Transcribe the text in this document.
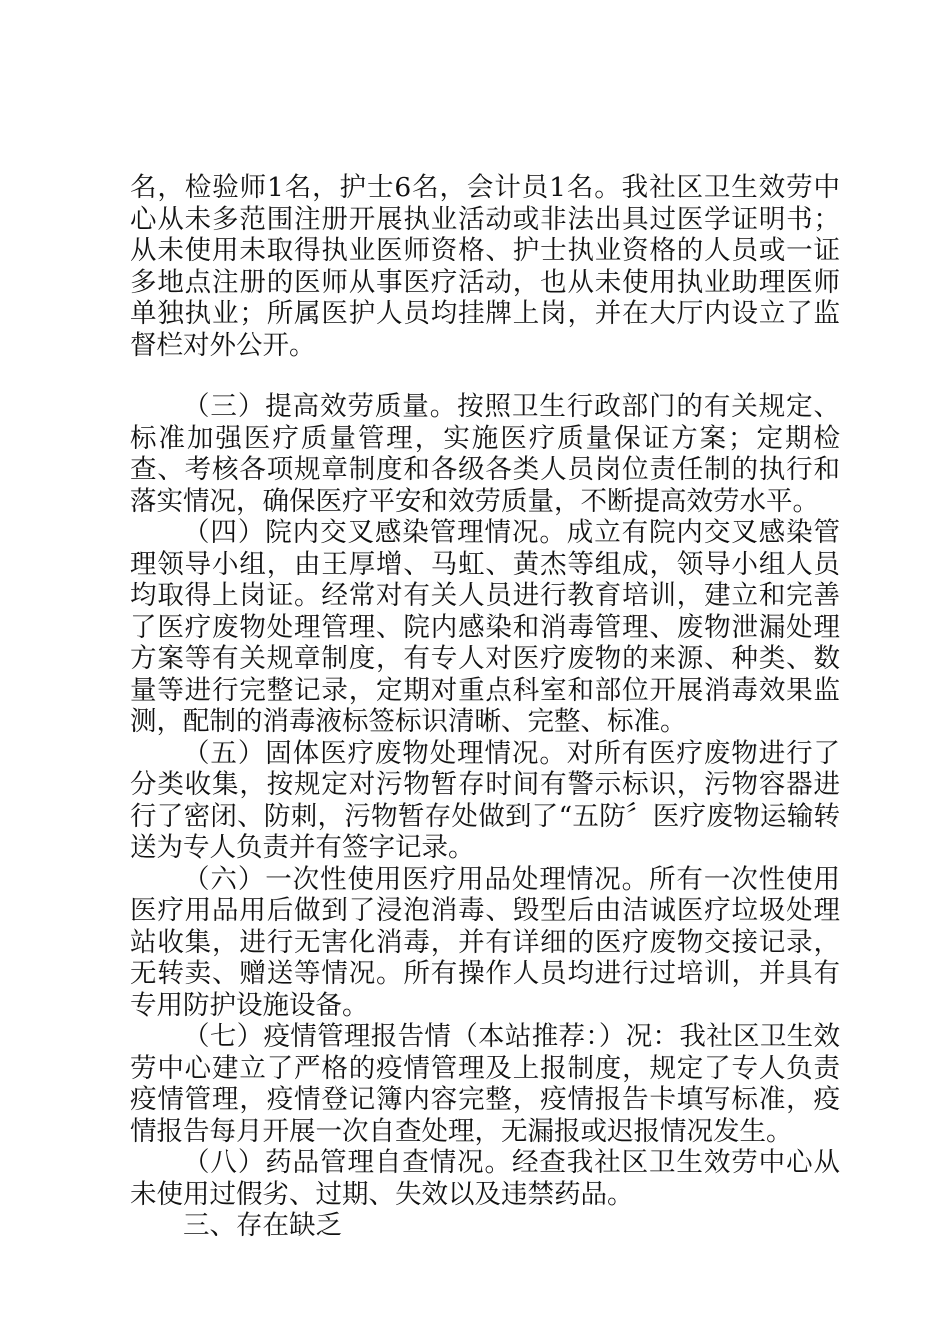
名，检验师1名，护士6名，会计员1名。我社区卫生效劳中心从未多范围注册开展执业活动或非法出具过医学证明书；从未使用未取得执业医师资格、护士执业资格的人员或一证多地点注册的医师从事医疗活动，也从未使用执业助理医师单独执业；所属医护人员均挂牌上岗，并在大厅内设立了监督栏对外公开。

（三）提高效劳质量。按照卫生行政部门的有关规定、标准加强医疗质量管理，实施医疗质量保证方案；定期检查、考核各项规章制度和各级各类人员岗位责任制的执行和落实情况，确保医疗平安和效劳质量，不断提高效劳水平。

（四）院内交叉感染管理情况。成立有院内交叉感染管理领导小组，由王厚增、马虹、黄杰等组成，领导小组人员均取得上岗证。经常对有关人员进行教育培训，建立和完善了医疗废物处理管理、院内感染和消毒管理、废物泄漏处理方案等有关规章制度，有专人对医疗废物的来源、种类、数量等进行完整记录，定期对重点科室和部位开展消毒效果监测，配制的消毒液标签标识清晰、完整、标准。

（五）固体医疗废物处理情况。对所有医疗废物进行了分类收集，按规定对污物暂存时间有警示标识，污物容器进行了密闭、防刺，污物暂存处做到了“五防〞医疗废物运输转送为专人负责并有签字记录。

（六）一次性使用医疗用品处理情况。所有一次性使用医疗用品用后做到了浸泡消毒、毁型后由洁诚医疗垃圾处理站收集，进行无害化消毒，并有详细的医疗废物交接记录，无转卖、赠送等情况。所有操作人员均进行过培训，并具有专用防护设施设备。

（七）疫情管理报告情（本站推荐：）况：我社区卫生效劳中心建立了严格的疫情管理及上报制度，规定了专人负责疫情管理，疫情登记簿内容完整，疫情报告卡填写标准，疫情报告每月开展一次自查处理，无漏报或迟报情况发生。

（八）药品管理自查情况。经查我社区卫生效劳中心从未使用过假劣、过期、失效以及违禁药品。

三、存在缺乏
